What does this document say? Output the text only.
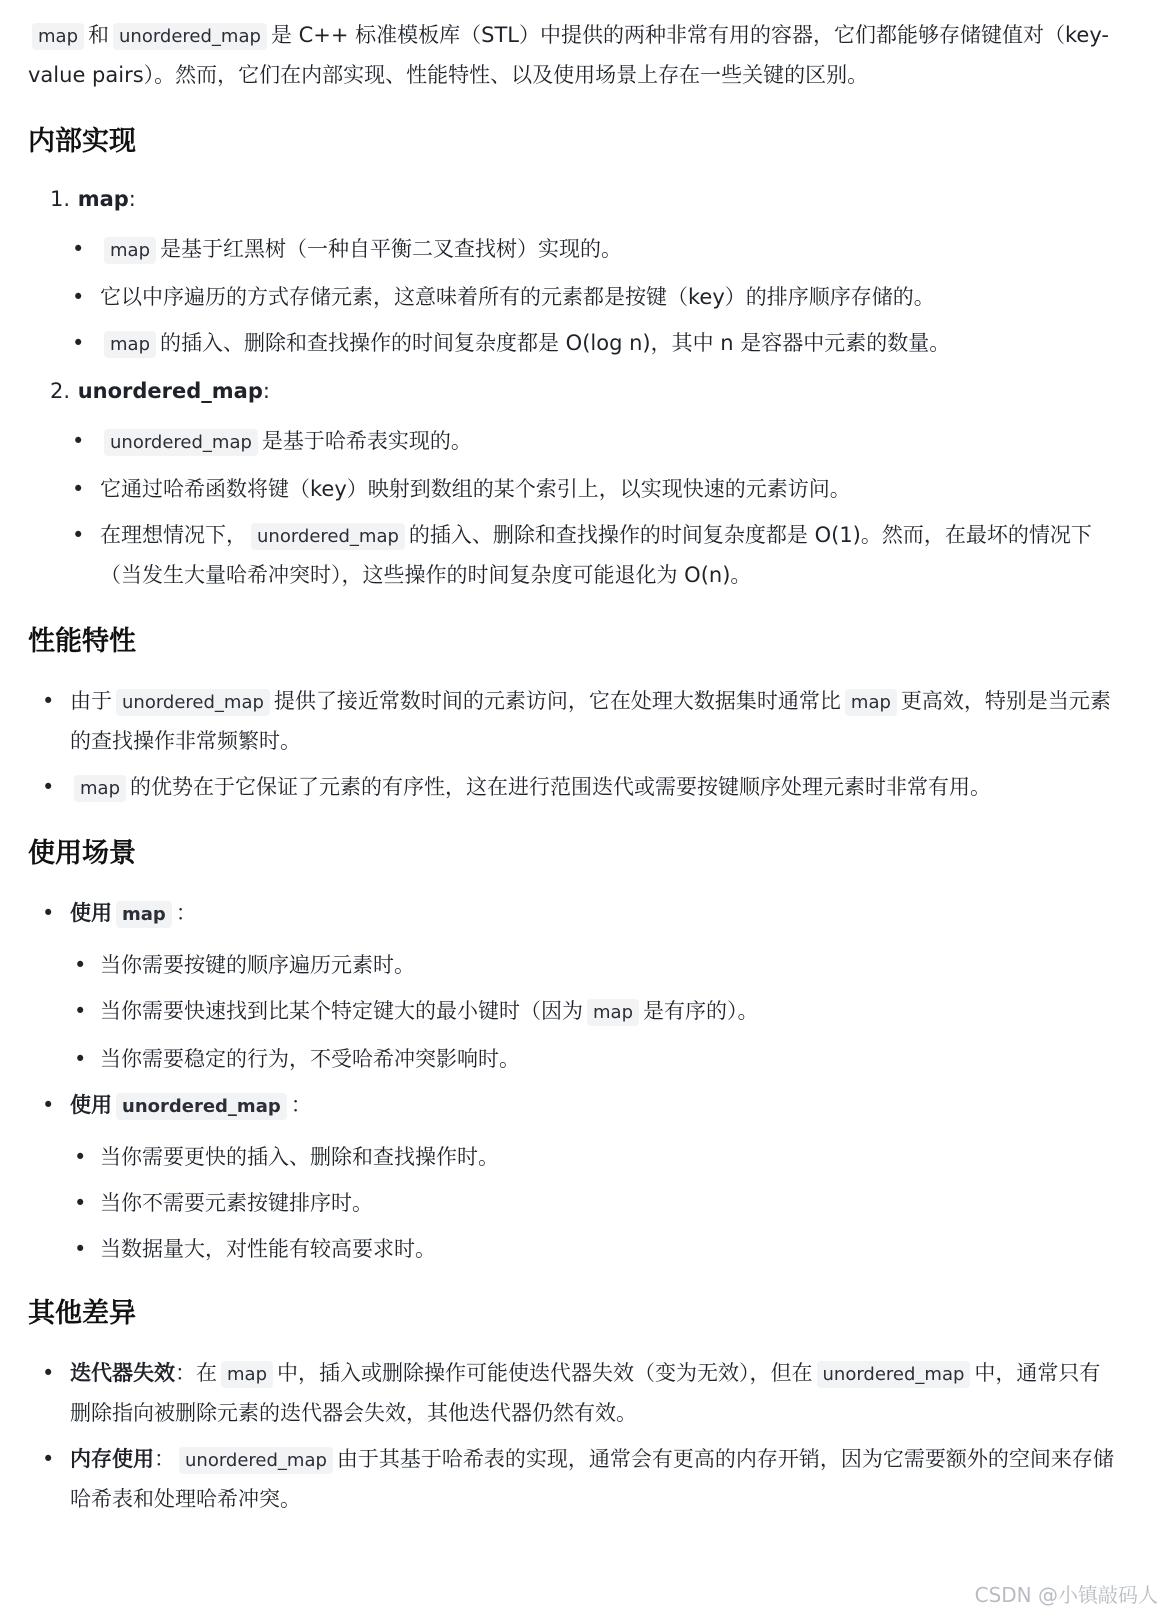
map 和 unordered_map 是 C++ 标准模板库（STL）中提供的两种非常有用的容器，它们都能够存储键值对（key-value pairs）。然而，它们在内部实现、性能特性、以及使用场景上存在一些关键的区别。

内部实现
1. map:
• map 是基于红黑树（一种自平衡二叉查找树）实现的。
• 它以中序遍历的方式存储元素，这意味着所有的元素都是按键（key）的排序顺序存储的。
• map 的插入、删除和查找操作的时间复杂度都是 O(log n)，其中 n 是容器中元素的数量。
2. unordered_map:
• unordered_map 是基于哈希表实现的。
• 它通过哈希函数将键（key）映射到数组的某个索引上，以实现快速的元素访问。
• 在理想情况下， unordered_map 的插入、删除和查找操作的时间复杂度都是 O(1)。然而，在最坏的情况下（当发生大量哈希冲突时），这些操作的时间复杂度可能退化为 O(n)。
性能特性
• 由于 unordered_map 提供了接近常数时间的元素访问，它在处理大数据集时通常比 map 更高效，特别是当元素的查找操作非常频繁时。
• map 的优势在于它保证了元素的有序性，这在进行范围迭代或需要按键顺序处理元素时非常有用。
使用场景
• 使用 map ：
• 当你需要按键的顺序遍历元素时。
• 当你需要快速找到比某个特定键大的最小键时（因为 map 是有序的）。
• 当你需要稳定的行为，不受哈希冲突影响时。
• 使用 unordered_map ：
• 当你需要更快的插入、删除和查找操作时。
• 当你不需要元素按键排序时。
• 当数据量大，对性能有较高要求时。
其他差异
• 迭代器失效：在 map 中，插入或删除操作可能使迭代器失效（变为无效），但在 unordered_map 中，通常只有删除指向被删除元素的迭代器会失效，其他迭代器仍然有效。
• 内存使用： unordered_map 由于其基于哈希表的实现，通常会有更高的内存开销，因为它需要额外的空间来存储哈希表和处理哈希冲突。
CSDN @小镇敲码人
